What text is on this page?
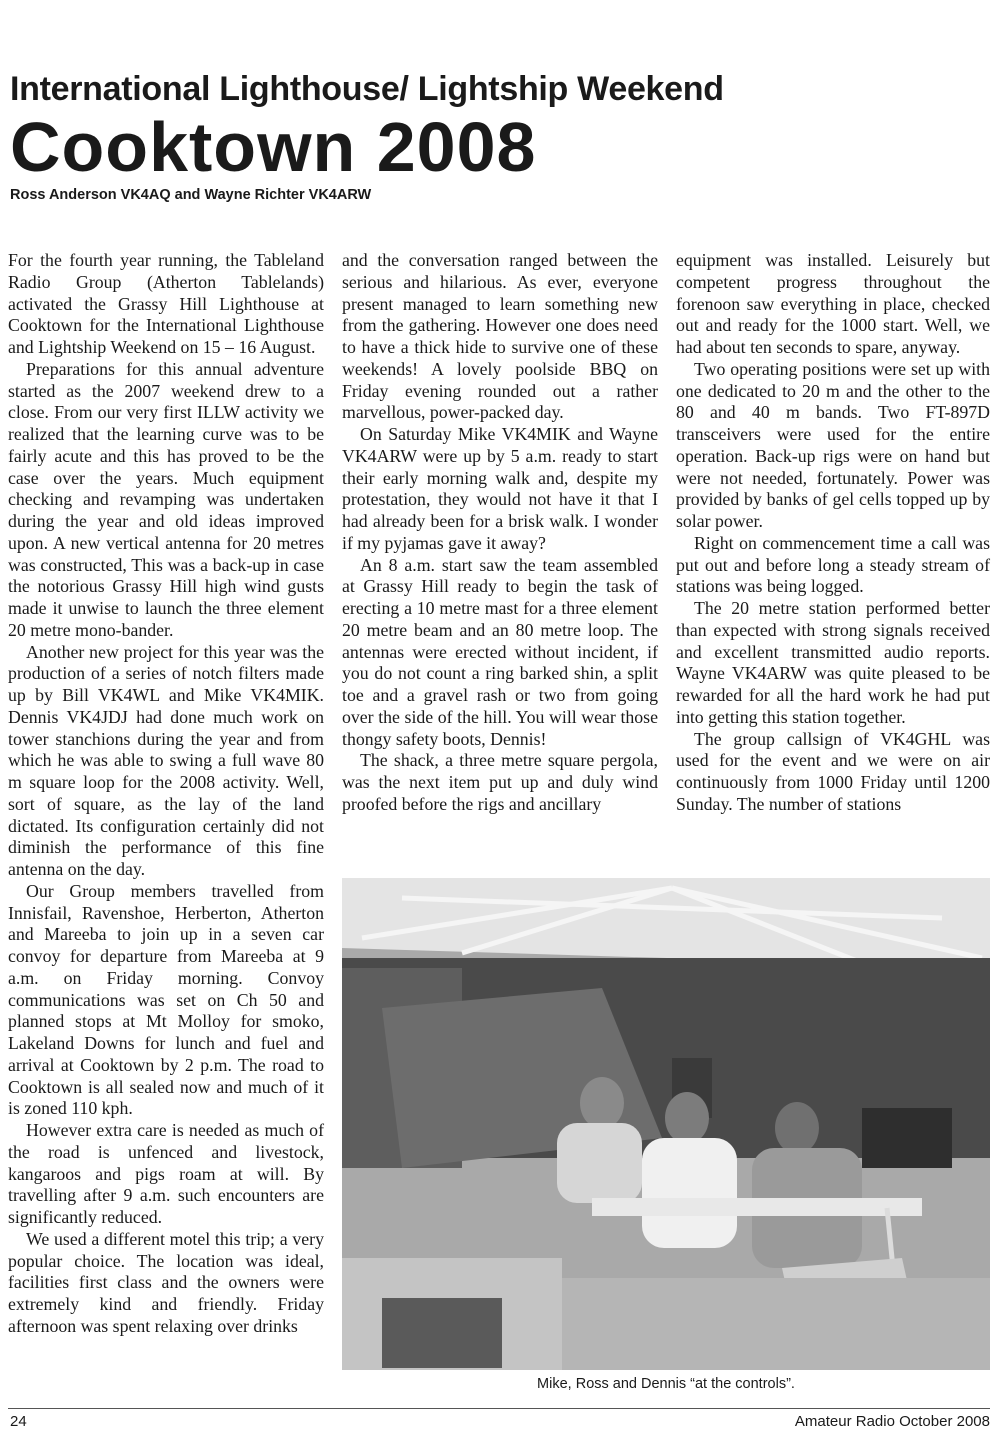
International Lighthouse/ Lightship Weekend
Cooktown 2008
Ross Anderson VK4AQ and Wayne Richter VK4ARW

For the fourth year running, the Tableland Radio Group (Atherton Tablelands) activated the Grassy Hill Lighthouse at Cooktown for the International Lighthouse and Lightship Weekend on 15 – 16 August.

Preparations for this annual adventure started as the 2007 weekend drew to a close. From our very first ILLW activity we realized that the learning curve was to be fairly acute and this has proved to be the case over the years. Much equipment checking and revamping was undertaken during the year and old ideas improved upon. A new vertical antenna for 20 metres was constructed, This was a back-up in case the notorious Grassy Hill high wind gusts made it unwise to launch the three element 20 metre mono-bander.

Another new project for this year was the production of a series of notch filters made up by Bill VK4WL and Mike VK4MIK. Dennis VK4JDJ had done much work on tower stanchions during the year and from which he was able to swing a full wave 80 m square loop for the 2008 activity. Well, sort of square, as the lay of the land dictated. Its configuration certainly did not diminish the performance of this fine antenna on the day.

Our Group members travelled from Innisfail, Ravenshoe, Herberton, Atherton and Mareeba to join up in a seven car convoy for departure from Mareeba at 9 a.m. on Friday morning. Convoy communications was set on Ch 50 and planned stops at Mt Molloy for smoko, Lakeland Downs for lunch and fuel and arrival at Cooktown by 2 p.m. The road to Cooktown is all sealed now and much of it is zoned 110 kph.

However extra care is needed as much of the road is unfenced and livestock, kangaroos and pigs roam at will. By travelling after 9 a.m. such encounters are significantly reduced.

We used a different motel this trip; a very popular choice. The location was ideal, facilities first class and the owners were extremely kind and friendly. Friday afternoon was spent relaxing over drinks

and the conversation ranged between the serious and hilarious. As ever, everyone present managed to learn something new from the gathering. However one does need to have a thick hide to survive one of these weekends! A lovely poolside BBQ on Friday evening rounded out a rather marvellous, power-packed day.

On Saturday Mike VK4MIK and Wayne VK4ARW were up by 5 a.m. ready to start their early morning walk and, despite my protestation, they would not have it that I had already been for a brisk walk. I wonder if my pyjamas gave it away?

An 8 a.m. start saw the team assembled at Grassy Hill ready to begin the task of erecting a 10 metre mast for a three element 20 metre beam and an 80 metre loop. The antennas were erected without incident, if you do not count a ring barked shin, a split toe and a gravel rash or two from going over the side of the hill. You will wear those thongy safety boots, Dennis!

The shack, a three metre square pergola, was the next item put up and duly wind proofed before the rigs and ancillary

equipment was installed. Leisurely but competent progress throughout the forenoon saw everything in place, checked out and ready for the 1000 start. Well, we had about ten seconds to spare, anyway.

Two operating positions were set up with one dedicated to 20 m and the other to the 80 and 40 m bands. Two FT-897D transceivers were used for the entire operation. Back-up rigs were on hand but were not needed, fortunately. Power was provided by banks of gel cells topped up by solar power.

Right on commencement time a call was put out and before long a steady stream of stations was being logged.

The 20 metre station performed better than expected with strong signals received and excellent transmitted audio reports. Wayne VK4ARW was quite pleased to be rewarded for all the hard work he had put into getting this station together.

The group callsign of VK4GHL was used for the event and we were on air continuously from 1000 Friday until 1200 Sunday. The number of stations

Mike, Ross and Dennis “at the controls”.
24	Amateur Radio October 2008
